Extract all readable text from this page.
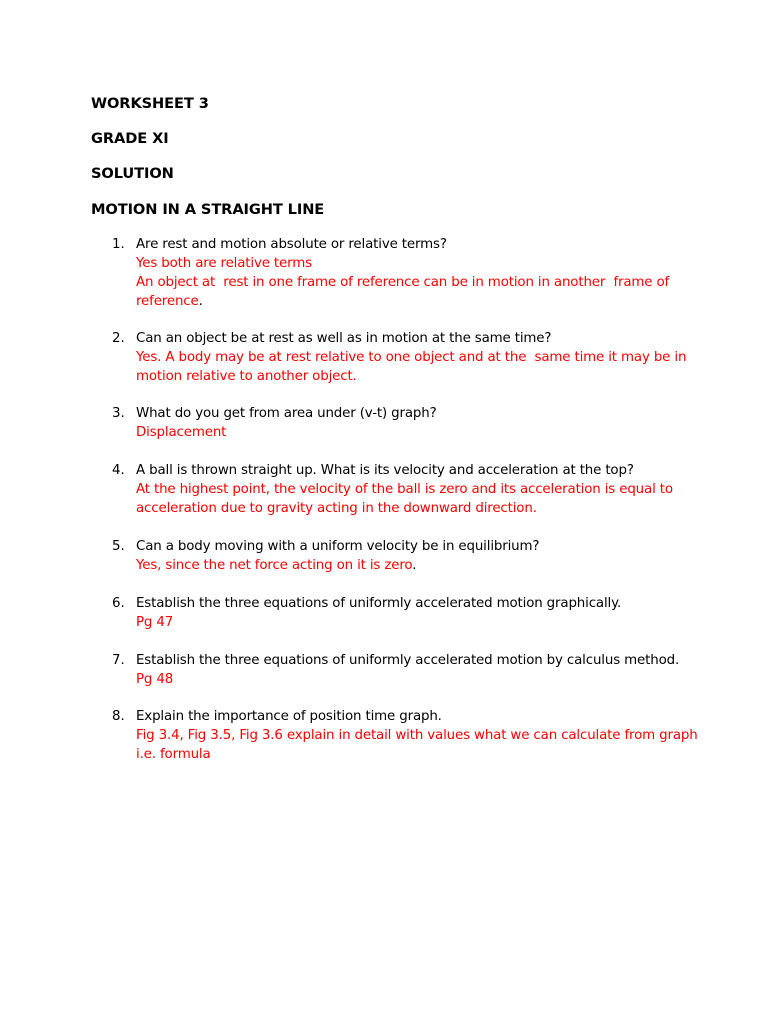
WORKSHEET 3
GRADE XI
SOLUTION
MOTION IN A STRAIGHT LINE
1. Are rest and motion absolute or relative terms?
Yes both are relative terms
An object at  rest in one frame of reference can be in motion in another  frame of
reference.
2. Can an object be at rest as well as in motion at the same time?
Yes. A body may be at rest relative to one object and at the  same time it may be in
motion relative to another object.
3. What do you get from area under (v-t) graph?
Displacement
4. A ball is thrown straight up. What is its velocity and acceleration at the top?
At the highest point, the velocity of the ball is zero and its acceleration is equal to
acceleration due to gravity acting in the downward direction.
5. Can a body moving with a uniform velocity be in equilibrium?
Yes, since the net force acting on it is zero.
6. Establish the three equations of uniformly accelerated motion graphically.
Pg 47
7. Establish the three equations of uniformly accelerated motion by calculus method.
Pg 48
8. Explain the importance of position time graph.
Fig 3.4, Fig 3.5, Fig 3.6 explain in detail with values what we can calculate from graph
i.e. formula
